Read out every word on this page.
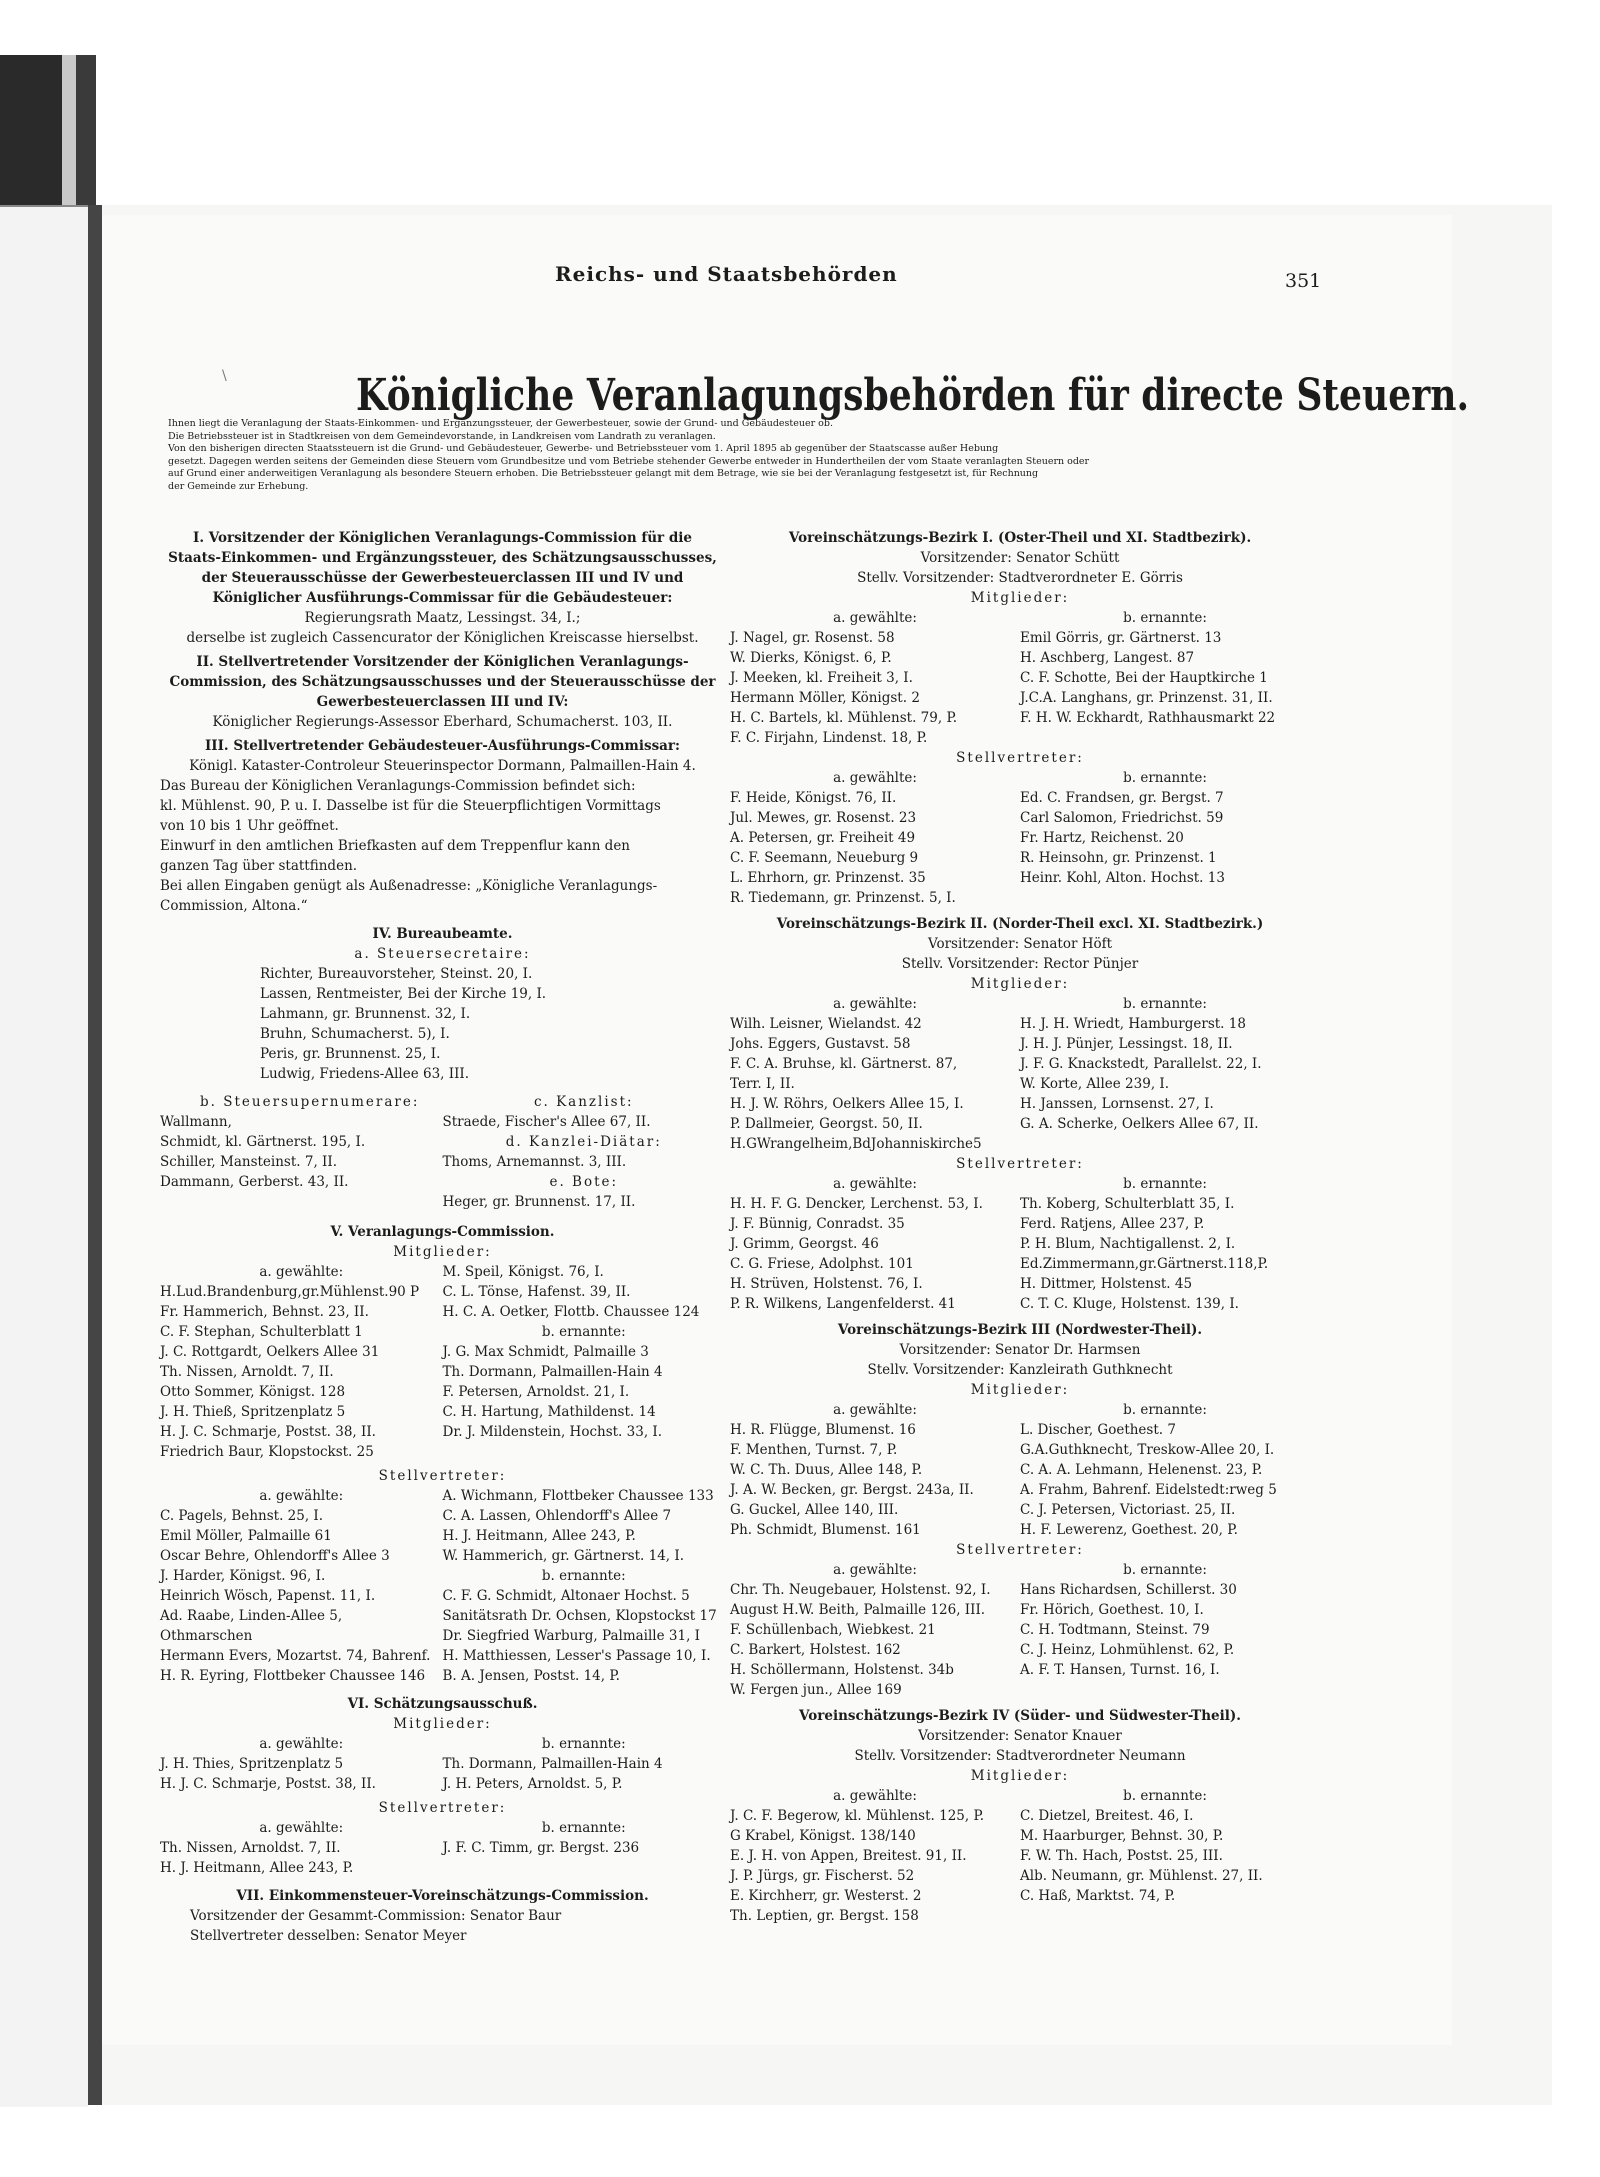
Reichs- und Staatsbehörden	351
\	Königliche Veranlagungsbehörden für directe Steuern.
Ihnen liegt die Veranlagung der Staats-Einkommen- und Ergänzungssteuer, der Gewerbesteuer, sowie der Grund- und Gebäudesteuer ob.
Die Betriebssteuer ist in Stadtkreisen von dem Gemeindevorstande, in Landkreisen vom Landrath zu veranlagen.
Von den bisherigen directen Staatssteuern ist die Grund- und Gebäudesteuer, Gewerbe- und Betriebssteuer vom 1. April 1895 ab gegenüber der Staatscasse außer Hebung
gesetzt. Dagegen werden seitens der Gemeinden diese Steuern vom Grundbesitze und vom Betriebe stehender Gewerbe entweder in Hundertheilen der vom Staate veranlagten Steuern oder
auf Grund einer anderweitigen Veranlagung als besondere Steuern erhoben. Die Betriebssteuer gelangt mit dem Betrage, wie sie bei der Veranlagung festgesetzt ist, für Rechnung
der Gemeinde zur Erhebung.
I. Vorsitzender der Königlichen Veranlagungs-Commission für die
Staats-Einkommen- und Ergänzungssteuer, des Schätzungsausschusses,
der Steuerausschüsse der Gewerbesteuerclassen III und IV und
Königlicher Ausführungs-Commissar für die Gebäudesteuer:
Regierungsrath Maatz, Lessingst. 34, I.;
derselbe ist zugleich Cassencurator der Königlichen Kreiscasse hierselbst.
II. Stellvertretender Vorsitzender der Königlichen Veranlagungs-
Commission, des Schätzungsausschusses und der Steuerausschüsse der
Gewerbesteuerclassen III und IV:
Königlicher Regierungs-Assessor Eberhard, Schumacherst. 103, II.
III. Stellvertretender Gebäudesteuer-Ausführungs-Commissar:
Königl. Kataster-Controleur Steuerinspector Dormann, Palmaillen-Hain 4.
Das Bureau der Königlichen Veranlagungs-Commission befindet sich:
kl. Mühlenst. 90, P. u. I. Dasselbe ist für die Steuerpflichtigen Vormittags
von 10 bis 1 Uhr geöffnet.
Einwurf in den amtlichen Briefkasten auf dem Treppenflur kann den
ganzen Tag über stattfinden.
Bei allen Eingaben genügt als Außenadresse: „Königliche Veranlagungs-
Commission, Altona.“
IV. Bureaubeamte.
a. Steuersecretaire:
Richter, Bureauvorsteher, Steinst. 20, I.
Lassen, Rentmeister, Bei der Kirche 19, I.
Lahmann, gr. Brunnenst. 32, I.
Bruhn, Schumacherst. 5), I.
Peris, gr. Brunnenst. 25, I.
Ludwig, Friedens-Allee 63, III.
b. Steuersupernumerare:
Wallmann,
Schmidt, kl. Gärtnerst. 195, I.
Schiller, Mansteinst. 7, II.
Dammann, Gerberst. 43, II.
c. Kanzlist:
Straede, Fischer's Allee 67, II.
d. Kanzlei-Diätar:
Thoms, Arnemannst. 3, III.
e. Bote:
Heger, gr. Brunnenst. 17, II.
V. Veranlagungs-Commission.
Mitglieder:
a. gewählte:
H.Lud.Brandenburg,gr.Mühlenst.90 P
Fr. Hammerich, Behnst. 23, II.
C. F. Stephan, Schulterblatt 1
J. C. Rottgardt, Oelkers Allee 31
Th. Nissen, Arnoldt. 7, II.
Otto Sommer, Königst. 128
J. H. Thieß, Spritzenplatz 5
H. J. C. Schmarje, Postst. 38, II.
Friedrich Baur, Klopstockst. 25
M. Speil, Königst. 76, I.
C. L. Tönse, Hafenst. 39, II.
H. C. A. Oetker, Flottb. Chaussee 124
b. ernannte:
J. G. Max Schmidt, Palmaille 3
Th. Dormann, Palmaillen-Hain 4
F. Petersen, Arnoldst. 21, I.
C. H. Hartung, Mathildenst. 14
Dr. J. Mildenstein, Hochst. 33, I.
Stellvertreter:
a. gewählte:
C. Pagels, Behnst. 25, I.
Emil Möller, Palmaille 61
Oscar Behre, Ohlendorff's Allee 3
J. Harder, Königst. 96, I.
Heinrich Wösch, Papenst. 11, I.
Ad. Raabe, Linden-Allee 5,
Othmarschen
Hermann Evers, Mozartst. 74, Bahrenf.
H. R. Eyring, Flottbeker Chaussee 146
A. Wichmann, Flottbeker Chaussee 133
C. A. Lassen, Ohlendorff's Allee 7
H. J. Heitmann, Allee 243, P.
W. Hammerich, gr. Gärtnerst. 14, I.
b. ernannte:
C. F. G. Schmidt, Altonaer Hochst. 5
Sanitätsrath Dr. Ochsen, Klopstockst 17
Dr. Siegfried Warburg, Palmaille 31, I
H. Matthiessen, Lesser's Passage 10, I.
B. A. Jensen, Postst. 14, P.
VI. Schätzungsausschuß.
Mitglieder:
a. gewählte:
J. H. Thies, Spritzenplatz 5
H. J. C. Schmarje, Postst. 38, II.
b. ernannte:
Th. Dormann, Palmaillen-Hain 4
J. H. Peters, Arnoldst. 5, P.
Stellvertreter:
a. gewählte:
Th. Nissen, Arnoldst. 7, II.
H. J. Heitmann, Allee 243, P.
b. ernannte:
J. F. C. Timm, gr. Bergst. 236
VII. Einkommensteuer-Voreinschätzungs-Commission.
Vorsitzender der Gesammt-Commission: Senator Baur
Stellvertreter desselben: Senator Meyer
Voreinschätzungs-Bezirk I. (Oster-Theil und XI. Stadtbezirk).
Vorsitzender: Senator Schütt
Stellv. Vorsitzender: Stadtverordneter E. Görris
Mitglieder:
a. gewählte:
J. Nagel, gr. Rosenst. 58
W. Dierks, Königst. 6, P.
J. Meeken, kl. Freiheit 3, I.
Hermann Möller, Königst. 2
H. C. Bartels, kl. Mühlenst. 79, P.
F. C. Firjahn, Lindenst. 18, P.
b. ernannte:
Emil Görris, gr. Gärtnerst. 13
H. Aschberg, Langest. 87
C. F. Schotte, Bei der Hauptkirche 1
J.C.A. Langhans, gr. Prinzenst. 31, II.
F. H. W. Eckhardt, Rathhausmarkt 22
Stellvertreter:
a. gewählte:
F. Heide, Königst. 76, II.
Jul. Mewes, gr. Rosenst. 23
A. Petersen, gr. Freiheit 49
C. F. Seemann, Neueburg 9
L. Ehrhorn, gr. Prinzenst. 35
R. Tiedemann, gr. Prinzenst. 5, I.
b. ernannte:
Ed. C. Frandsen, gr. Bergst. 7
Carl Salomon, Friedrichst. 59
Fr. Hartz, Reichenst. 20
R. Heinsohn, gr. Prinzenst. 1
Heinr. Kohl, Alton. Hochst. 13
Voreinschätzungs-Bezirk II. (Norder-Theil excl. XI. Stadtbezirk.)
Vorsitzender: Senator Höft
Stellv. Vorsitzender: Rector Pünjer
Mitglieder:
a. gewählte:
Wilh. Leisner, Wielandst. 42
Johs. Eggers, Gustavst. 58
F. C. A. Bruhse, kl. Gärtnerst. 87,
Terr. I, II.
H. J. W. Röhrs, Oelkers Allee 15, I.
P. Dallmeier, Georgst. 50, II.
H.GWrangelheim,BdJohanniskirche5
b. ernannte:
H. J. H. Wriedt, Hamburgerst. 18
J. H. J. Pünjer, Lessingst. 18, II.
J. F. G. Knackstedt, Parallelst. 22, I.
W. Korte, Allee 239, I.
H. Janssen, Lornsenst. 27, I.
G. A. Scherke, Oelkers Allee 67, II.
Stellvertreter:
a. gewählte:
H. H. F. G. Dencker, Lerchenst. 53, I.
J. F. Bünnig, Conradst. 35
J. Grimm, Georgst. 46
C. G. Friese, Adolphst. 101
H. Strüven, Holstenst. 76, I.
P. R. Wilkens, Langenfelderst. 41
b. ernannte:
Th. Koberg, Schulterblatt 35, I.
Ferd. Ratjens, Allee 237, P.
P. H. Blum, Nachtigallenst. 2, I.
Ed.Zimmermann,gr.Gärtnerst.118,P.
H. Dittmer, Holstenst. 45
C. T. C. Kluge, Holstenst. 139, I.
Voreinschätzungs-Bezirk III (Nordwester-Theil).
Vorsitzender: Senator Dr. Harmsen
Stellv. Vorsitzender: Kanzleirath Guthknecht
Mitglieder:
a. gewählte:
H. R. Flügge, Blumenst. 16
F. Menthen, Turnst. 7, P.
W. C. Th. Duus, Allee 148, P.
J. A. W. Becken, gr. Bergst. 243a, II.
G. Guckel, Allee 140, III.
Ph. Schmidt, Blumenst. 161
b. ernannte:
L. Discher, Goethest. 7
G.A.Guthknecht, Treskow-Allee 20, I.
C. A. A. Lehmann, Helenenst. 23, P.
A. Frahm, Bahrenf. Eidelstedt:rweg 5
C. J. Petersen, Victoriast. 25, II.
H. F. Lewerenz, Goethest. 20, P.
Stellvertreter:
a. gewählte:
Chr. Th. Neugebauer, Holstenst. 92, I.
August H.W. Beith, Palmaille 126, III.
F. Schüllenbach, Wiebkest. 21
C. Barkert, Holstest. 162
H. Schöllermann, Holstenst. 34b
W. Fergen jun., Allee 169
b. ernannte:
Hans Richardsen, Schillerst. 30
Fr. Hörich, Goethest. 10, I.
C. H. Todtmann, Steinst. 79
C. J. Heinz, Lohmühlenst. 62, P.
A. F. T. Hansen, Turnst. 16, I.
Voreinschätzungs-Bezirk IV (Süder- und Südwester-Theil).
Vorsitzender: Senator Knauer
Stellv. Vorsitzender: Stadtverordneter Neumann
Mitglieder:
a. gewählte:
J. C. F. Begerow, kl. Mühlenst. 125, P.
G Krabel, Königst. 138/140
E. J. H. von Appen, Breitest. 91, II.
J. P. Jürgs, gr. Fischerst. 52
E. Kirchherr, gr. Westerst. 2
Th. Leptien, gr. Bergst. 158
b. ernannte:
C. Dietzel, Breitest. 46, I.
M. Haarburger, Behnst. 30, P.
F. W. Th. Hach, Postst. 25, III.
Alb. Neumann, gr. Mühlenst. 27, II.
C. Haß, Marktst. 74, P.
